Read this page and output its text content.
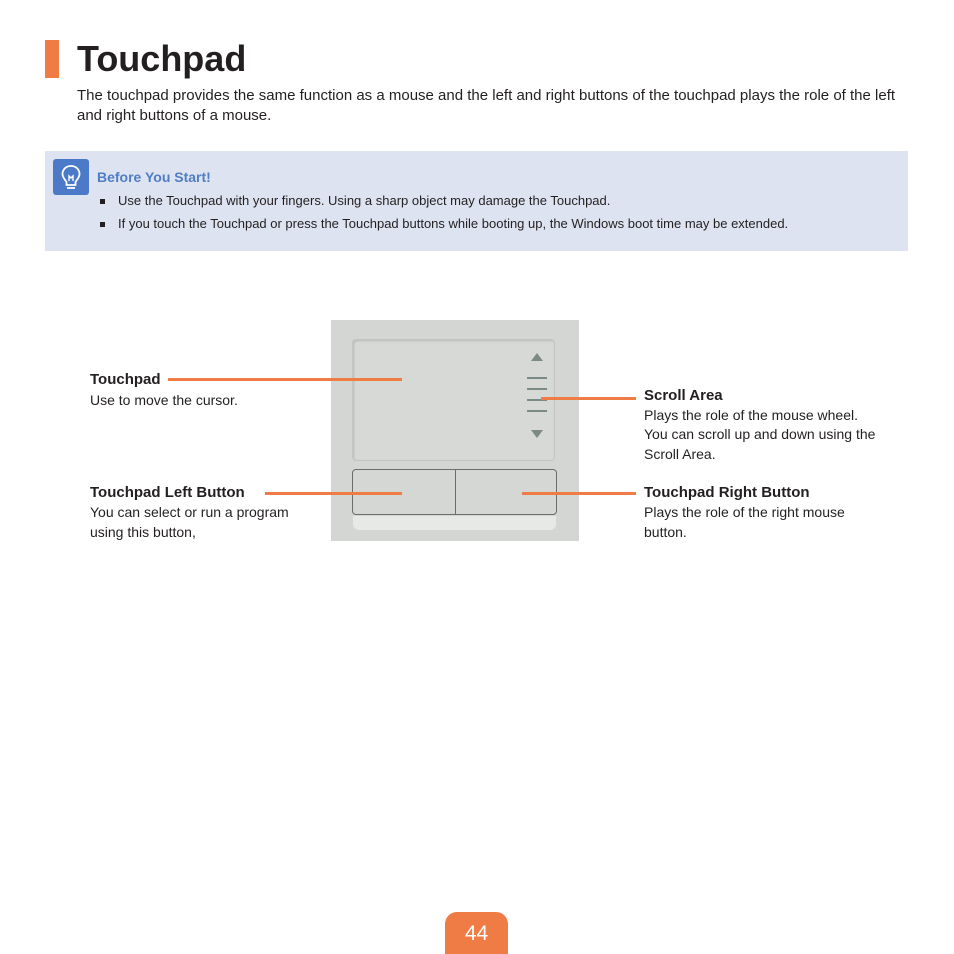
Touchpad
The touchpad provides the same function as a mouse and the left and right buttons of the touchpad plays the role of the left and right buttons of a mouse.
Before You Start!
Use the Touchpad with your fingers. Using a sharp object may damage the Touchpad.
If you touch the Touchpad or press the Touchpad buttons while booting up, the Windows boot time may be extended.
Touchpad
Use to move the cursor.
Touchpad Left Button
You can select or run a program
using this button,
Scroll Area
Plays the role of the mouse wheel.
You can scroll up and down using the
Scroll Area.
Touchpad Right Button
Plays the role of the right mouse
button.
44
